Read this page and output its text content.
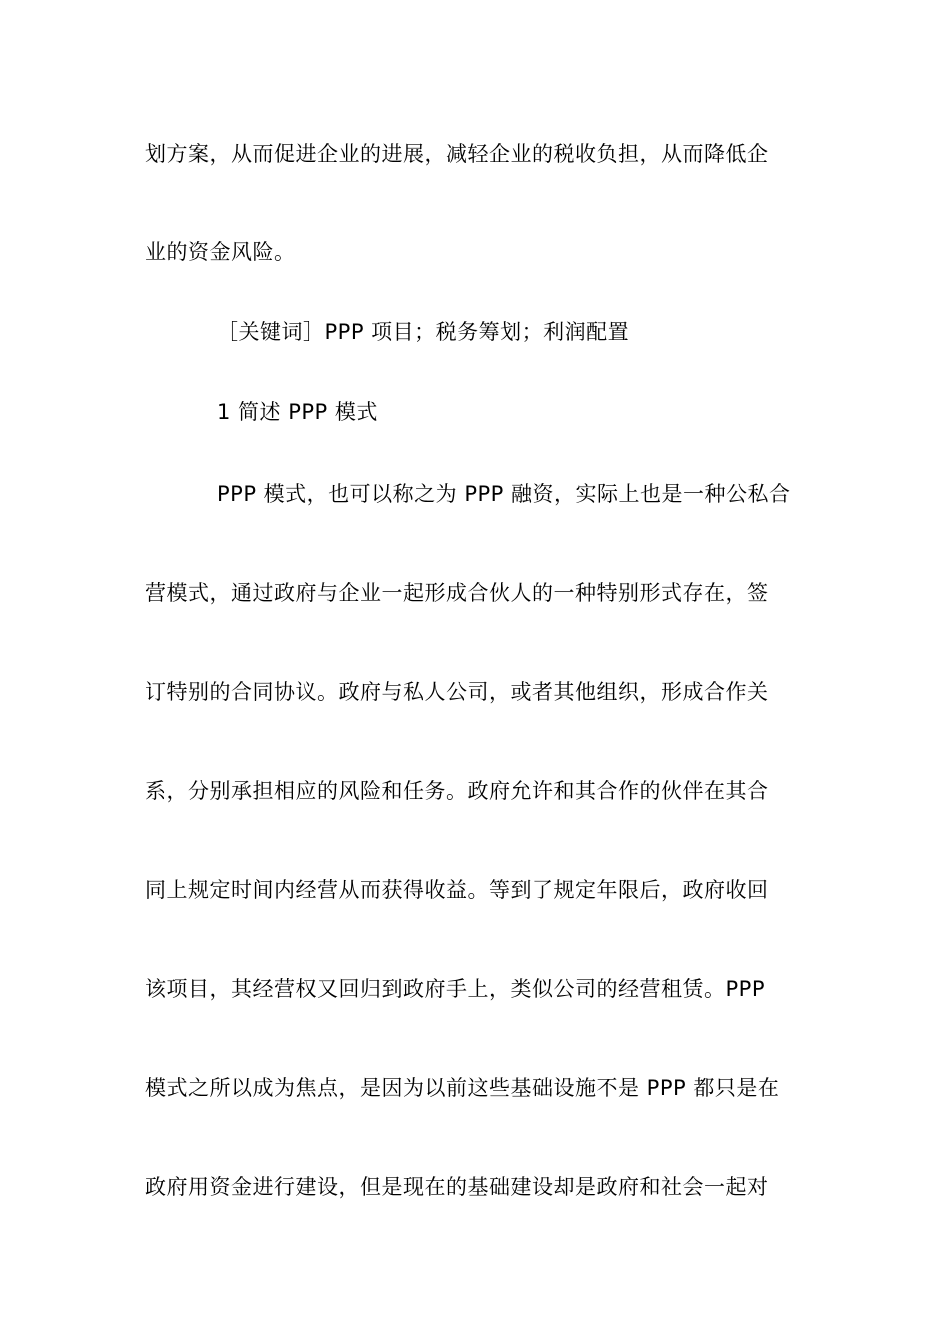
划方案，从而促进企业的进展，减轻企业的税收负担，从而降低企
业的资金风险。
［关键词］PPP 项目；税务筹划；利润配置
1 简述 PPP 模式
PPP 模式，也可以称之为 PPP 融资，实际上也是一种公私合
营模式，通过政府与企业一起形成合伙人的一种特别形式存在，签
订特别的合同协议。政府与私人公司，或者其他组织，形成合作关
系，分别承担相应的风险和任务。政府允许和其合作的伙伴在其合
同上规定时间内经营从而获得收益。等到了规定年限后，政府收回
该项目，其经营权又回归到政府手上，类似公司的经营租赁。PPP
模式之所以成为焦点，是因为以前这些基础设施不是 PPP 都只是在
政府用资金进行建设，但是现在的基础建设却是政府和社会一起对
